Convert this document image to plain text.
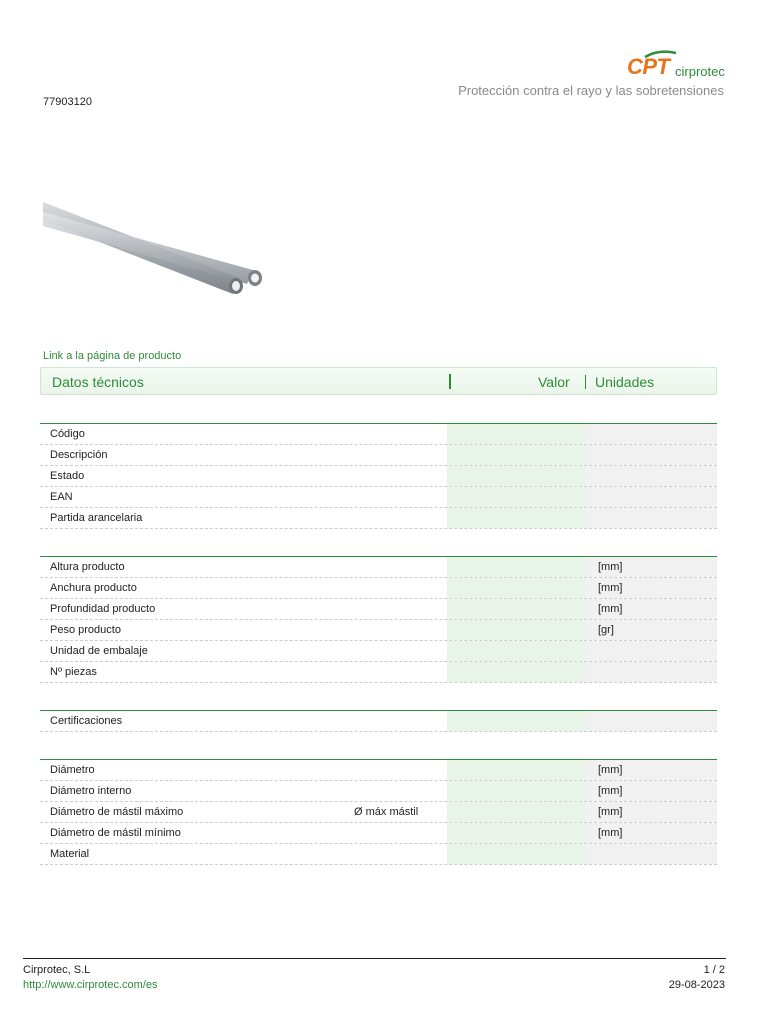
CPT cirprotec
Protección contra el rayo y las sobretensiones
77903120
Link a la página de producto
Datos técnicos	Valor Unidades
Código
Descripción
Estado
EAN
Partida arancelaria
Altura producto	[mm]
Anchura producto	[mm]
Profundidad producto	[mm]
Peso producto	[gr]
Unidad de embalaje
Nº piezas
Certificaciones
Diámetro	[mm]
Diámetro interno	[mm]
Diámetro de mástil máximo	Ø máx mástil	[mm]
Diámetro de mástil mínimo	[mm]
Material
Cirprotec, S.L
http://www.cirprotec.com/es
1 / 2
29-08-2023
